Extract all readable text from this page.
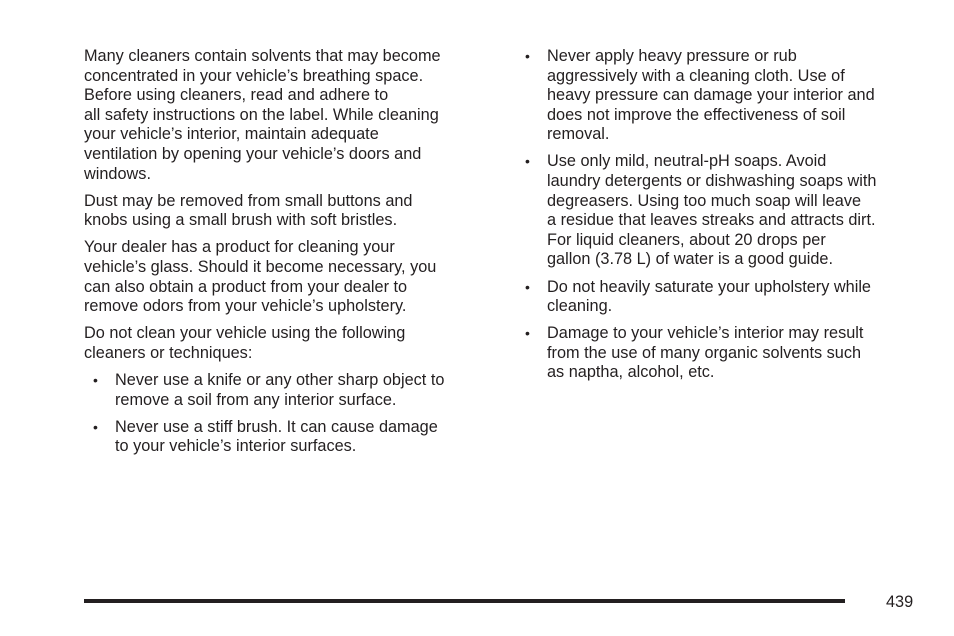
Many cleaners contain solvents that may become
concentrated in your vehicle’s breathing space.
Before using cleaners, read and adhere to
all safety instructions on the label. While cleaning
your vehicle’s interior, maintain adequate
ventilation by opening your vehicle’s doors and
windows.

Dust may be removed from small buttons and
knobs using a small brush with soft bristles.

Your dealer has a product for cleaning your
vehicle’s glass. Should it become necessary, you
can also obtain a product from your dealer to
remove odors from your vehicle’s upholstery.

Do not clean your vehicle using the following
cleaners or techniques:

• Never use a knife or any other sharp object to
remove a soil from any interior surface.
• Never use a stiff brush. It can cause damage
to your vehicle’s interior surfaces.
• Never apply heavy pressure or rub
aggressively with a cleaning cloth. Use of
heavy pressure can damage your interior and
does not improve the effectiveness of soil
removal.
• Use only mild, neutral-pH soaps. Avoid
laundry detergents or dishwashing soaps with
degreasers. Using too much soap will leave
a residue that leaves streaks and attracts dirt.
For liquid cleaners, about 20 drops per
gallon (3.78 L) of water is a good guide.
• Do not heavily saturate your upholstery while
cleaning.
• Damage to your vehicle’s interior may result
from the use of many organic solvents such
as naptha, alcohol, etc.
439
